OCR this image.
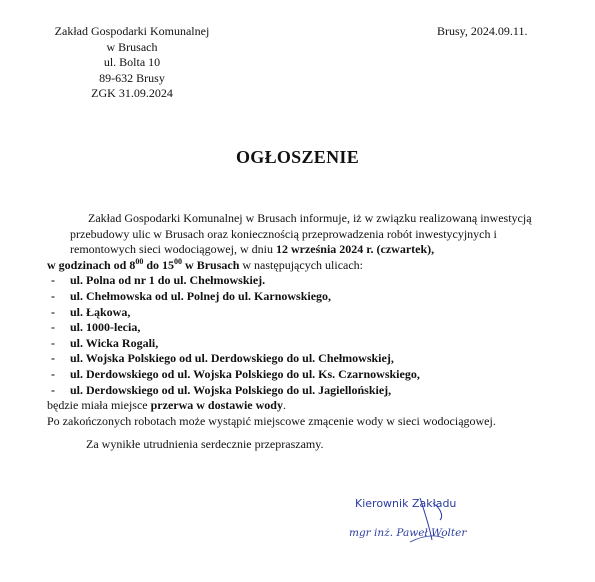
Zakład Gospodarki Komunalnej
w Brusach
ul. Bolta 10
89-632 Brusy
ZGK 31.09.2024
Brusy, 2024.09.11.
OGŁOSZENIE
Zakład Gospodarki Komunalnej w Brusach informuje, iż w związku realizowaną inwestycją przebudowy ulic w Brusach oraz koniecznością przeprowadzenia robót inwestycyjnych i remontowych sieci wodociągowej, w dniu 12 września 2024 r. (czwartek),
w godzinach od $8^{00}$ do $15^{00}$ w Brusach w następujących ulicach:
-	ul. Polna od nr 1 do ul. Chełmowskiej.
-	ul. Chełmowska od ul. Polnej do ul. Karnowskiego,
-	ul. Łąkowa,
-	ul. 1000-lecia,
-	ul. Wicka Rogali,
-	ul. Wojska Polskiego od ul. Derdowskiego do ul. Chełmowskiej,
-	ul. Derdowskiego od ul. Wojska Polskiego do ul. Ks. Czarnowskiego,
-	ul. Derdowskiego od ul. Wojska Polskiego do ul. Jagiellońskiej,
będzie miała miejsce przerwa w dostawie wody.
Po zakończonych robotach może wystąpić miejscowe zmącenie wody w sieci wodociągowej.
Za wynikłe utrudnienia serdecznie przepraszamy.
Kierownik Zakładu
mgr inż. Paweł Wolter
